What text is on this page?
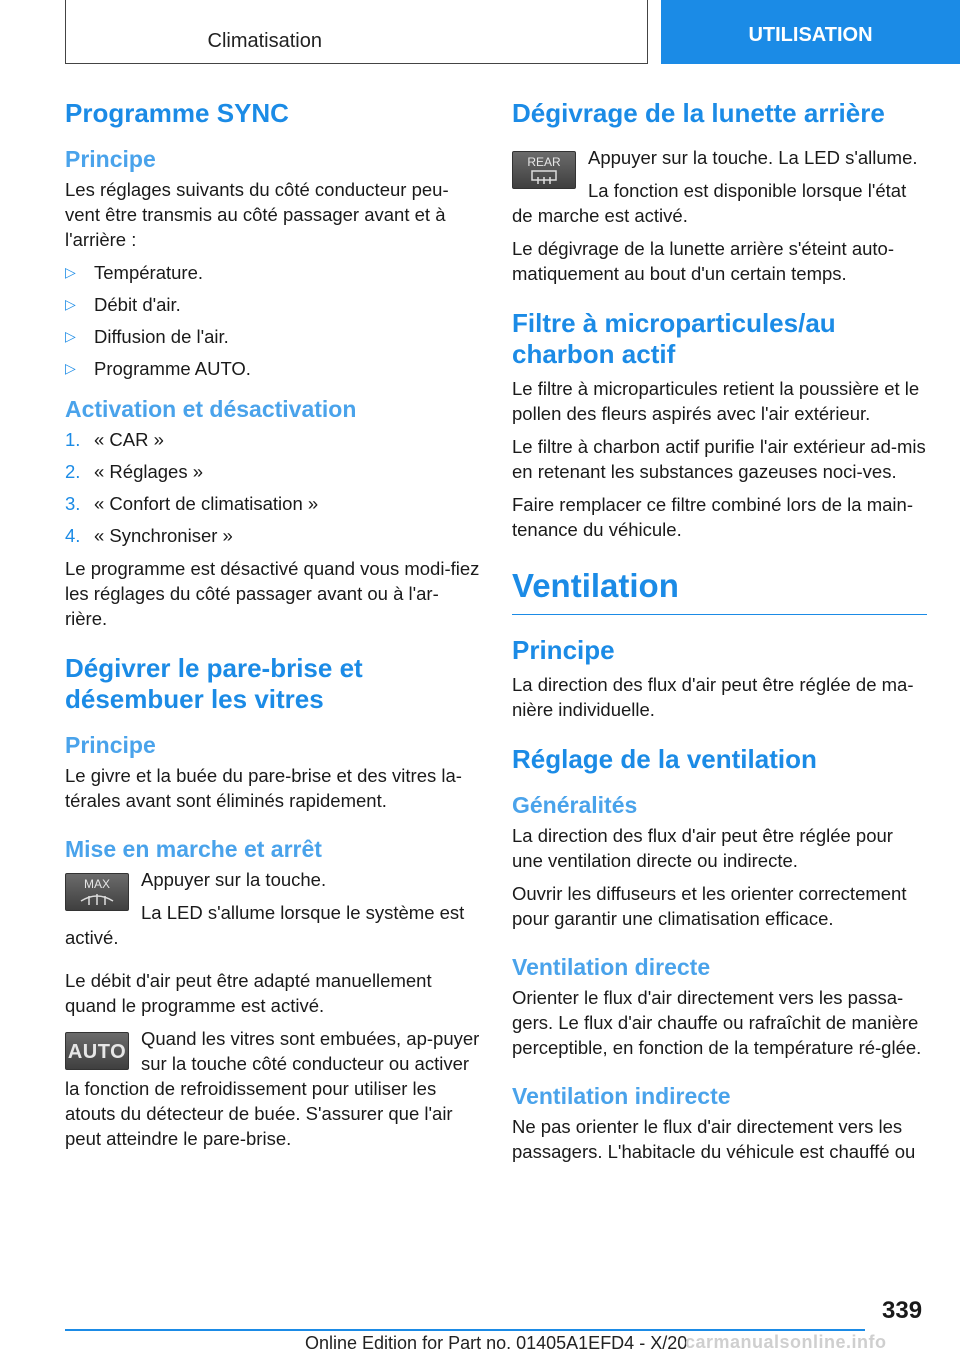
Climatisation	UTILISATION
Programme SYNC
Principe

Les réglages suivants du côté conducteur peu-vent être transmis au côté passager avant et à l'arrière :

▷ Température.
▷ Débit d'air.
▷ Diffusion de l'air.
▷ Programme AUTO.
Activation et désactivation
1. « CAR »
2. « Réglages »
3. « Confort de climatisation »
4. « Synchroniser »

Le programme est désactivé quand vous modi-fiez les réglages du côté passager avant ou à l'ar-rière.

Dégivrer le pare-brise et désembuer les vitres
Principe

Le givre et la buée du pare-brise et des vitres la-térales avant sont éliminés rapidement.

Mise en marche et arrêt
MAX	Appuyer sur la touche.

La LED s'allume lorsque le système est activé.

Le débit d'air peut être adapté manuellement quand le programme est activé.

AUTO

Quand les vitres sont embuées, ap-puyer sur la touche côté conducteur ou activer la fonction de refroidissement pour utiliser les atouts du détecteur de buée. S'assurer que l'air peut atteindre le pare-brise.

Dégivrage de la lunette arrière
REAR	Appuyer sur la touche. La LED s'allume.

La fonction est disponible lorsque l'état de marche est activé.

Le dégivrage de la lunette arrière s'éteint auto-matiquement au bout d'un certain temps.

Filtre à microparticules/au charbon actif

Le filtre à microparticules retient la poussière et le pollen des fleurs aspirés avec l'air extérieur.

Le filtre à charbon actif purifie l'air extérieur ad-mis en retenant les substances gazeuses noci-ves.

Faire remplacer ce filtre combiné lors de la main-tenance du véhicule.

Ventilation
Principe

La direction des flux d'air peut être réglée de ma-nière individuelle.

Réglage de la ventilation
Généralités

La direction des flux d'air peut être réglée pour une ventilation directe ou indirecte.

Ouvrir les diffuseurs et les orienter correctement pour garantir une climatisation efficace.

Ventilation directe

Orienter le flux d'air directement vers les passa-gers. Le flux d'air chauffe ou rafraîchit de manière perceptible, en fonction de la température ré-glée.

Ventilation indirecte

Ne pas orienter le flux d'air directement vers les passagers. L'habitacle du véhicule est chauffé ou

339
Online Edition for Part no. 01405A1EFD4 - X/20
carmanualsonline.info
